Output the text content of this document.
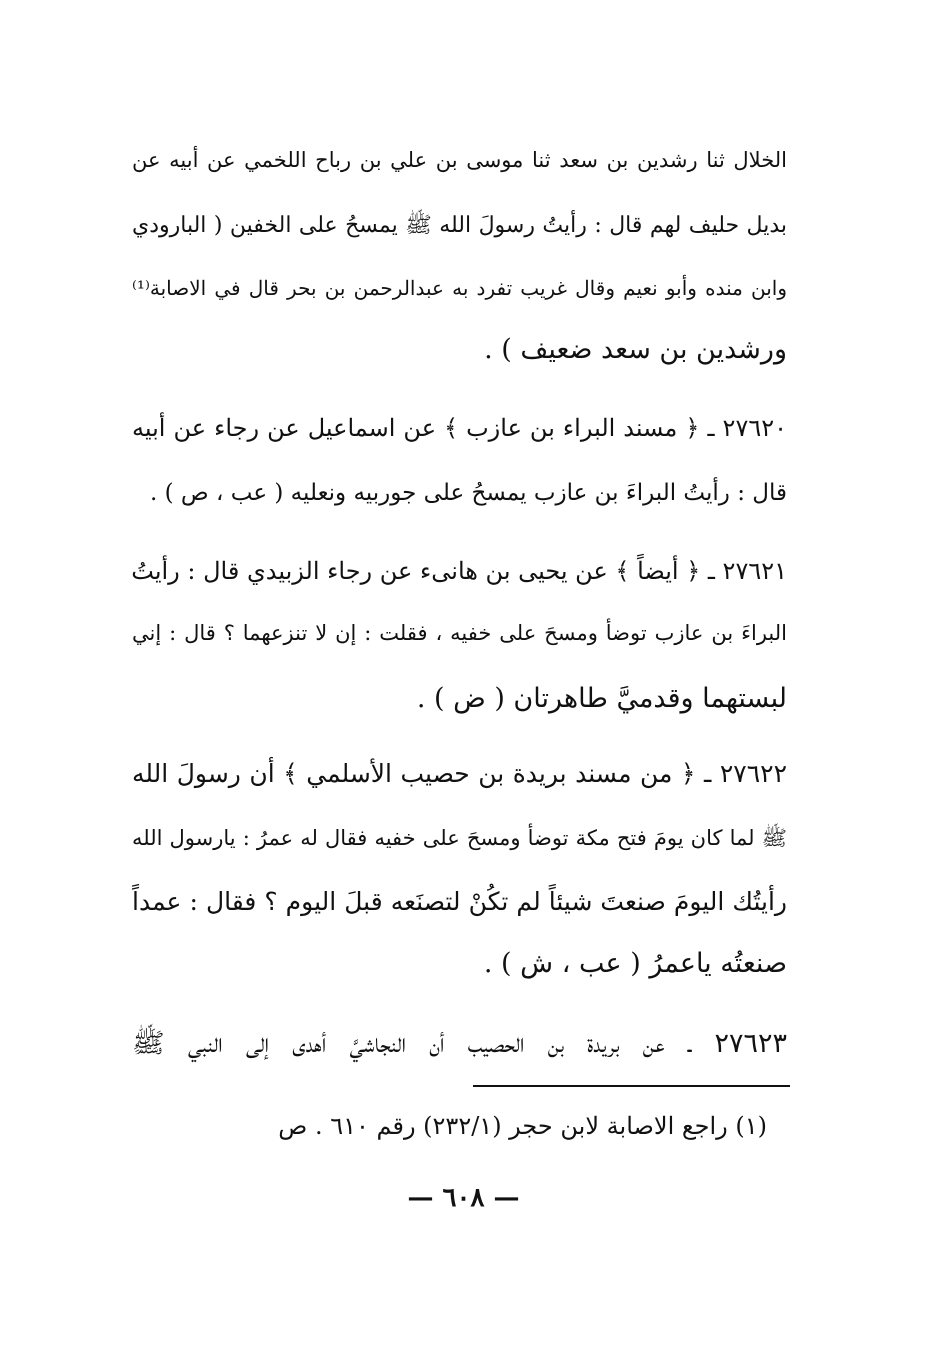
الخلال ثنا رشدين بن سعد ثنا موسى بن علي بن رباح اللخمي عن أبيه عن
بديل حليف لهم قال : رأيتُ رسولَ الله ﷺ يمسحُ على الخفين ( البارودي
وابن منده وأبو نعيم وقال غريب تفرد به عبدالرحمن بن بحر قال في الاصابة⁽¹⁾
ورشدين بن سعد ضعيف ) .
٢٧٦٢٠ ـ ﴿ مسند البراء بن عازب ﴾ عن اسماعيل عن رجاء عن أبيه
قال : رأيتُ البراءَ بن عازب يمسحُ على جوربيه ونعليه ( عب ، ص ) .
٢٧٦٢١ ـ ﴿ أيضاً ﴾ عن يحيى بن هانىء عن رجاء الزبيدي قال : رأيتُ
البراءَ بن عازب توضأ ومسحَ على خفيه ، فقلت : إن لا تنزعهما ؟ قال : إني
لبستهما وقدميَّ طاهرتان ( ض ) .
٢٧٦٢٢ ـ ﴿ من مسند بريدة بن حصيب الأسلمي ﴾ أن رسولَ الله
ﷺ لما كان يومَ فتح مكة توضأ ومسحَ على خفيه فقال له عمرُ : يارسول الله
رأيتُك اليومَ صنعتَ شيئاً لم تكُنْ لتصنَعه قبلَ اليوم ؟ فقال : عمداً
صنعتُه ياعمرُ ( عب ، ش ) .
٢٧٦٢٣ ـ عن بريدة بن الحصيب أن النجاشيَّ أهدى إلى النبي ﷺ
(١) راجع الاصابة لابن حجر (٢٣٢/١) رقم ٦١٠ . ص
— ٦٠٨ —
